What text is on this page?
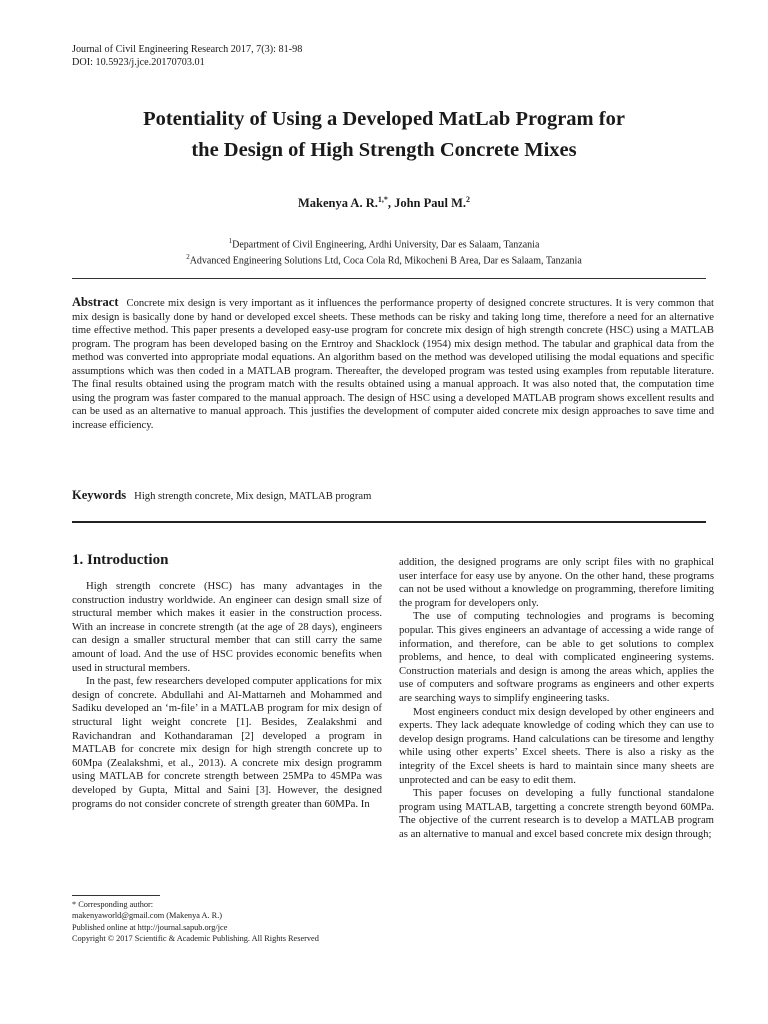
Journal of Civil Engineering Research 2017, 7(3): 81-98
DOI: 10.5923/j.jce.20170703.01
Potentiality of Using a Developed MatLab Program for
the Design of High Strength Concrete Mixes
Makenya A. R.$^{1,*}$, John Paul M.$^2$
$^1$Department of Civil Engineering, Ardhi University, Dar es Salaam, Tanzania
$^2$Advanced Engineering Solutions Ltd, Coca Cola Rd, Mikocheni B Area, Dar es Salaam, Tanzania
Abstract Concrete mix design is very important as it influences the performance property of designed concrete structures. It is very common that mix design is basically done by hand or developed excel sheets. These methods can be risky and taking long time, therefore a need for an alternative time effective method. This paper presents a developed easy-use program for concrete mix design of high strength concrete (HSC) using a MATLAB program. The program has been developed basing on the Erntroy and Shacklock (1954) mix design method. The tabular and graphical data from the method was converted into appropriate modal equations. An algorithm based on the method was developed utilising the modal equations and specific assumptions which was then coded in a MATLAB program. Thereafter, the developed program was tested using examples from reputable literature. The final results obtained using the program match with the results obtained using a manual approach. It was also noted that, the computation time using the program was faster compared to the manual approach. The design of HSC using a developed MATLAB program shows excellent results and can be used as an alternative to manual approach. This justifies the development of computer aided concrete mix design approaches to save time and increase efficiency.
Keywords High strength concrete, Mix design, MATLAB program
1. Introduction

High strength concrete (HSC) has many advantages in the construction industry worldwide. An engineer can design small size of structural member which makes it easier in the construction process. With an increase in concrete strength (at the age of 28 days), engineers can design a smaller structural member that can still carry the same amount of load. And the use of HSC provides economic benefits when used in structural members.

In the past, few researchers developed computer applications for mix design of concrete. Abdullahi and Al-Mattarneh and Mohammed and Sadiku developed an ‘m-file’ in a MATLAB program for mix design of structural light weight concrete [1]. Besides, Zealakshmi and Ravichandran and Kothandaraman [2] developed a program in MATLAB for concrete mix design for high strength concrete up to 60Mpa (Zealakshmi, et al., 2013). A concrete mix design programm using MATLAB for concrete strength between 25MPa to 45MPa was developed by Gupta, Mittal and Saini [3]. However, the designed programs do not consider concrete of strength greater than 60MPa. In

addition, the designed programs are only script files with no graphical user interface for easy use by anyone. On the other hand, these programs can not be used without a knowledge on programming, therefore limiting the program for developers only.

The use of computing technologies and programs is becoming popular. This gives engineers an advantage of accessing a wide range of information, and therefore, can be able to get solutions to complex problems, and hence, to deal with complicated engineering systems. Construction materials and design is among the areas which, applies the use of computers and software programs as engineers and other experts are searching ways to simplify engineering tasks.

Most engineers conduct mix design developed by other engineers and experts. They lack adequate knowledge of coding which they can use to develop design programs. Hand calculations can be tiresome and lengthy while using other experts’ Excel sheets. There is also a risky as the integrity of the Excel sheets is hard to maintain since many sheets are unprotected and can be easy to edit them.

This paper focuses on developing a fully functional standalone program using MATLAB, targetting a concrete strength beyond 60MPa. The objective of the current research is to develop a MATLAB program as an alternative to manual and excel based concrete mix design through;

* Corresponding author:
makenyaworld@gmail.com (Makenya A. R.)
Published online at http://journal.sapub.org/jce
Copyright © 2017 Scientific & Academic Publishing. All Rights Reserved
